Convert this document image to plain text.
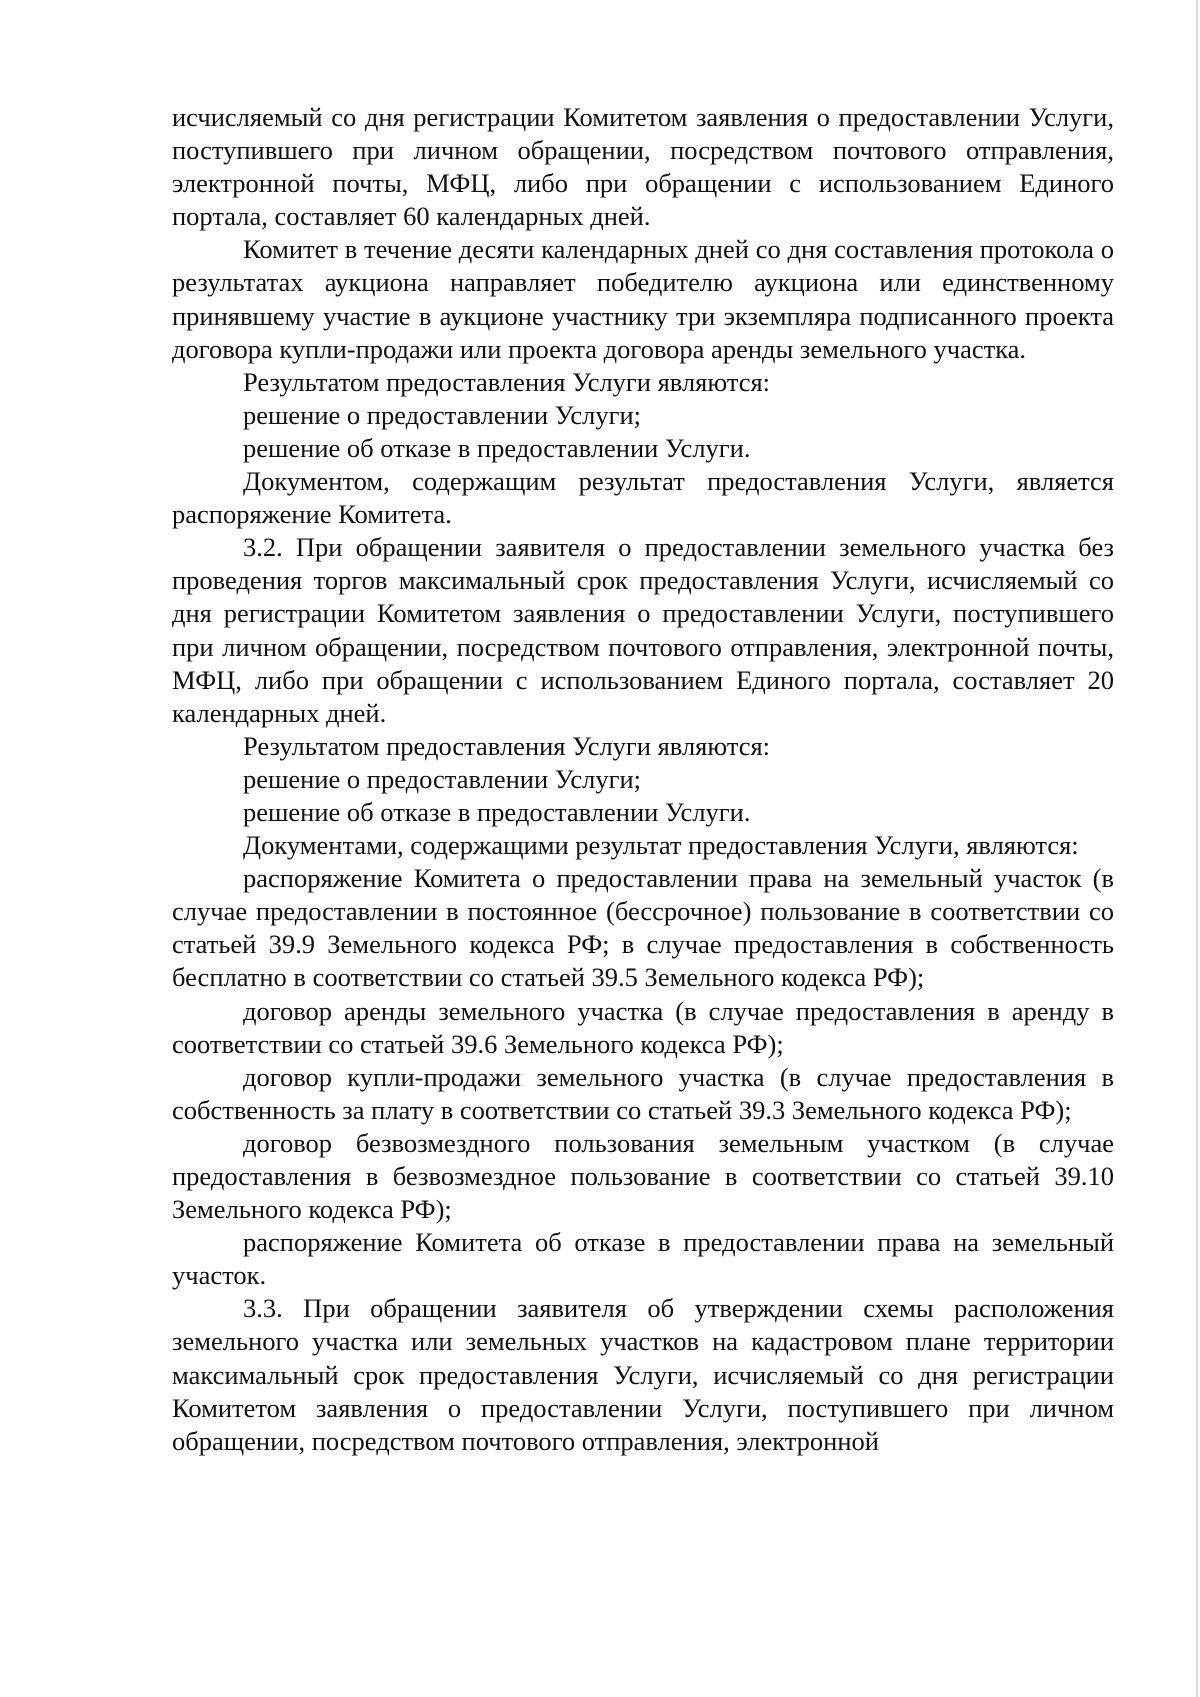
исчисляемый со дня регистрации Комитетом заявления о предоставлении Услуги, поступившего при личном обращении, посредством почтового отправления, электронной почты, МФЦ, либо при обращении с использованием Единого портала, составляет 60 календарных дней.

Комитет в течение десяти календарных дней со дня составления протокола о результатах аукциона направляет победителю аукциона или единственному принявшему участие в аукционе участнику три экземпляра подписанного проекта договора купли-продажи или проекта договора аренды земельного участка.

Результатом предоставления Услуги являются:

решение о предоставлении Услуги;

решение об отказе в предоставлении Услуги.

Документом, содержащим результат предоставления Услуги, является распоряжение Комитета.

3.2. При обращении заявителя о предоставлении земельного участка без проведения торгов максимальный срок предоставления Услуги, исчисляемый со дня регистрации Комитетом заявления о предоставлении Услуги, поступившего при личном обращении, посредством почтового отправления, электронной почты, МФЦ, либо при обращении с использованием Единого портала, составляет 20 календарных дней.

Результатом предоставления Услуги являются:

решение о предоставлении Услуги;

решение об отказе в предоставлении Услуги.

Документами, содержащими результат предоставления Услуги, являются:

распоряжение Комитета о предоставлении права на земельный участок (в случае предоставлении в постоянное (бессрочное) пользование в соответствии со статьей 39.9 Земельного кодекса РФ; в случае предоставления в собственность бесплатно в соответствии со статьей 39.5 Земельного кодекса РФ);

договор аренды земельного участка (в случае предоставления в аренду в соответствии со статьей 39.6 Земельного кодекса РФ);

договор купли-продажи земельного участка (в случае предоставления в собственность за плату в соответствии со статьей 39.3 Земельного кодекса РФ);

договор безвозмездного пользования земельным участком (в случае предоставления в безвозмездное пользование в соответствии со статьей 39.10 Земельного кодекса РФ);

распоряжение Комитета об отказе в предоставлении права на земельный участок.

3.3. При обращении заявителя об утверждении схемы расположения земельного участка или земельных участков на кадастровом плане территории максимальный срок предоставления Услуги, исчисляемый со дня регистрации Комитетом заявления о предоставлении Услуги, поступившего при личном обращении, посредством почтового отправления, электронной
